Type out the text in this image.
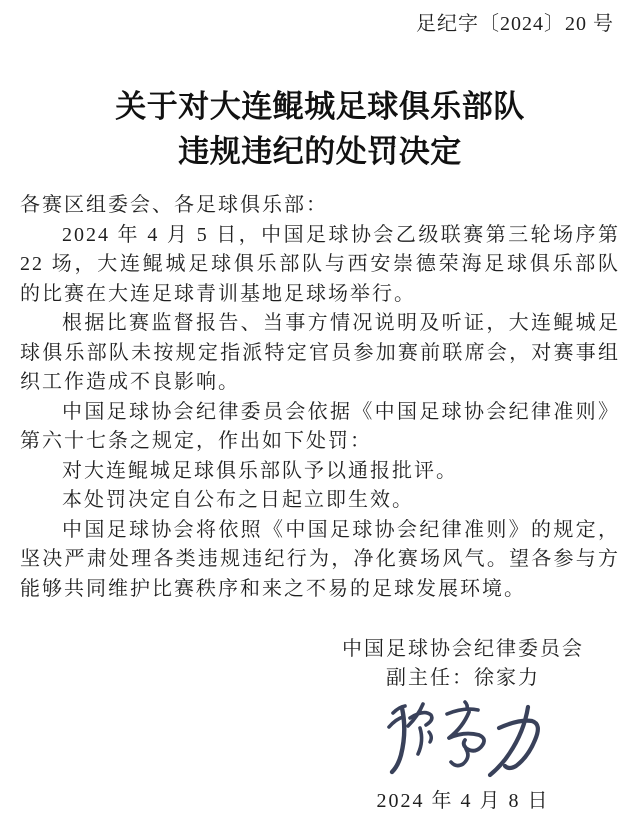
足纪字〔2024〕20 号
关于对大连鲲城足球俱乐部队
违规违纪的处罚决定

各赛区组委会、各足球俱乐部：

2024 年 4 月 5 日，中国足球协会乙级联赛第三轮场序第 22 场，大连鲲城足球俱乐部队与西安崇德荣海足球俱乐部队的比赛在大连足球青训基地足球场举行。

根据比赛监督报告、当事方情况说明及听证，大连鲲城足球俱乐部队未按规定指派特定官员参加赛前联席会，对赛事组织工作造成不良影响。

中国足球协会纪律委员会依据《中国足球协会纪律准则》第六十七条之规定，作出如下处罚：

对大连鲲城足球俱乐部队予以通报批评。

本处罚决定自公布之日起立即生效。

中国足球协会将依照《中国足球协会纪律准则》的规定，坚决严肃处理各类违规违纪行为，净化赛场风气。望各参与方能够共同维护比赛秩序和来之不易的足球发展环境。

中国足球协会纪律委员会
副主任：徐家力
2024 年 4 月 8 日
